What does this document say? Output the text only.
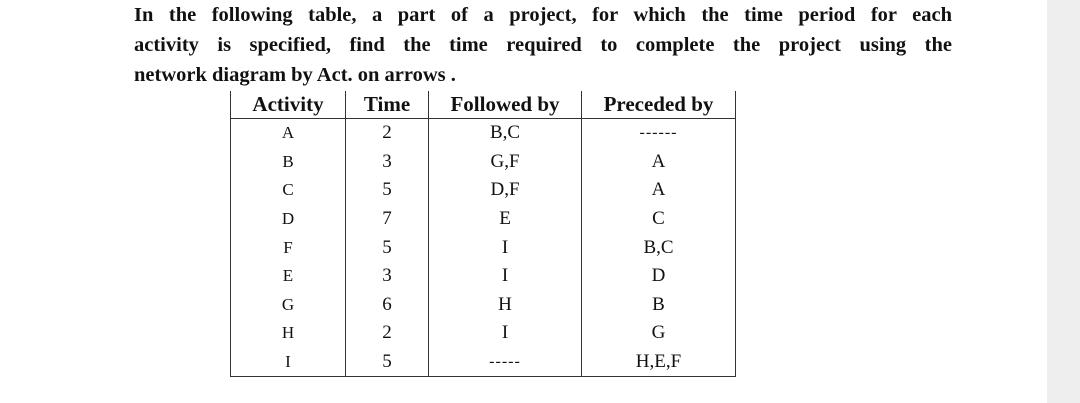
In the following table, a part of a project, for which the time period for each
activity is specified, find the time required to complete the project using the
network diagram by Act. on arrows .

Activity	Time	Followed by	Preceded by
A	2	B,C	------
B	3	G,F	A
C	5	D,F	A
D	7	E	C
F	5	I	B,C
E	3	I	D
G	6	H	B
H	2	I	G
I	5	-----	H,E,F
